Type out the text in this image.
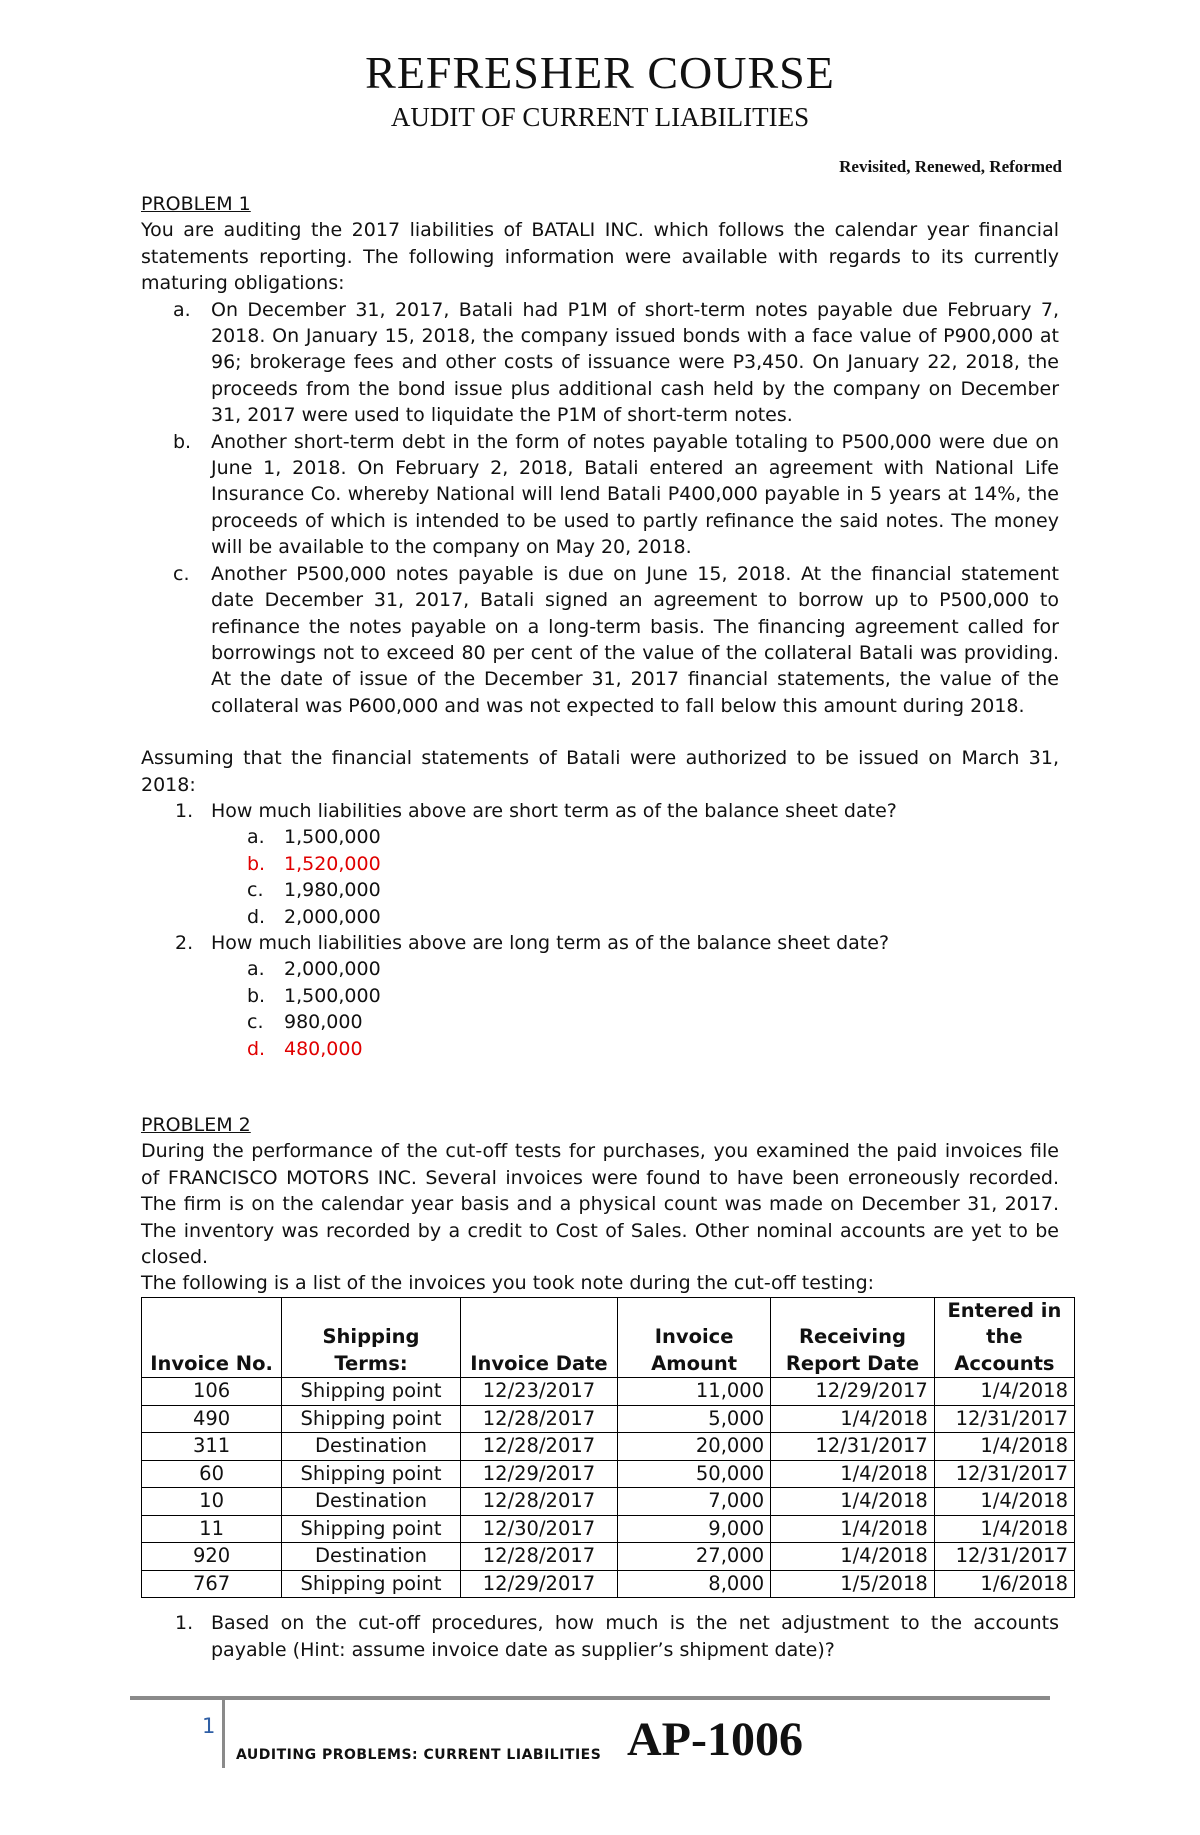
REFRESHER COURSE
AUDIT OF CURRENT LIABILITIES
Revisited, Renewed, Reformed
PROBLEM 1

You are auditing the 2017 liabilities of BATALI INC. which follows the calendar year financial statements reporting. The following information were available with regards to its currently maturing obligations:

a. On December 31, 2017, Batali had P1M of short-term notes payable due February 7, 2018. On January 15, 2018, the company issued bonds with a face value of P900,000 at 96; brokerage fees and other costs of issuance were P3,450. On January 22, 2018, the proceeds from the bond issue plus additional cash held by the company on December 31, 2017 were used to liquidate the P1M of short-term notes.
b. Another short-term debt in the form of notes payable totaling to P500,000 were due on June 1, 2018. On February 2, 2018, Batali entered an agreement with National Life Insurance Co. whereby National will lend Batali P400,000 payable in 5 years at 14%, the proceeds of which is intended to be used to partly refinance the said notes. The money will be available to the company on May 20, 2018.
c. Another P500,000 notes payable is due on June 15, 2018. At the financial statement date December 31, 2017, Batali signed an agreement to borrow up to P500,000 to refinance the notes payable on a long-term basis. The financing agreement called for borrowings not to exceed 80 per cent of the value of the collateral Batali was providing. At the date of issue of the December 31, 2017 financial statements, the value of the collateral was P600,000 and was not expected to fall below this amount during 2018.

Assuming that the financial statements of Batali were authorized to be issued on March 31, 2018:

1. How much liabilities above are short term as of the balance sheet date?
a. 1,500,000
b. 1,520,000
c. 1,980,000
d. 2,000,000
2. How much liabilities above are long term as of the balance sheet date?
a. 2,000,000
b. 1,500,000
c. 980,000
d. 480,000
PROBLEM 2

During the performance of the cut-off tests for purchases, you examined the paid invoices file of FRANCISCO MOTORS INC. Several invoices were found to have been erroneously recorded. The firm is on the calendar year basis and a physical count was made on December 31, 2017. The inventory was recorded by a credit to Cost of Sales. Other nominal accounts are yet to be closed.

The following is a list of the invoices you took note during the cut-off testing:
Invoice No.	Shipping Terms:	Invoice Date	Invoice Amount	Receiving Report Date	Entered in the Accounts
106	Shipping point	12/23/2017	11,000	12/29/2017	1/4/2018
490	Shipping point	12/28/2017	5,000	1/4/2018	12/31/2017
311	Destination	12/28/2017	20,000	12/31/2017	1/4/2018
60	Shipping point	12/29/2017	50,000	1/4/2018	12/31/2017
10	Destination	12/28/2017	7,000	1/4/2018	1/4/2018
11	Shipping point	12/30/2017	9,000	1/4/2018	1/4/2018
920	Destination	12/28/2017	27,000	1/4/2018	12/31/2017
767	Shipping point	12/29/2017	8,000	1/5/2018	1/6/2018
1. Based on the cut-off procedures, how much is the net adjustment to the accounts payable (Hint: assume invoice date as supplier’s shipment date)?
1
AUDITING PROBLEMS: CURRENT LIABILITIES AP-1006
